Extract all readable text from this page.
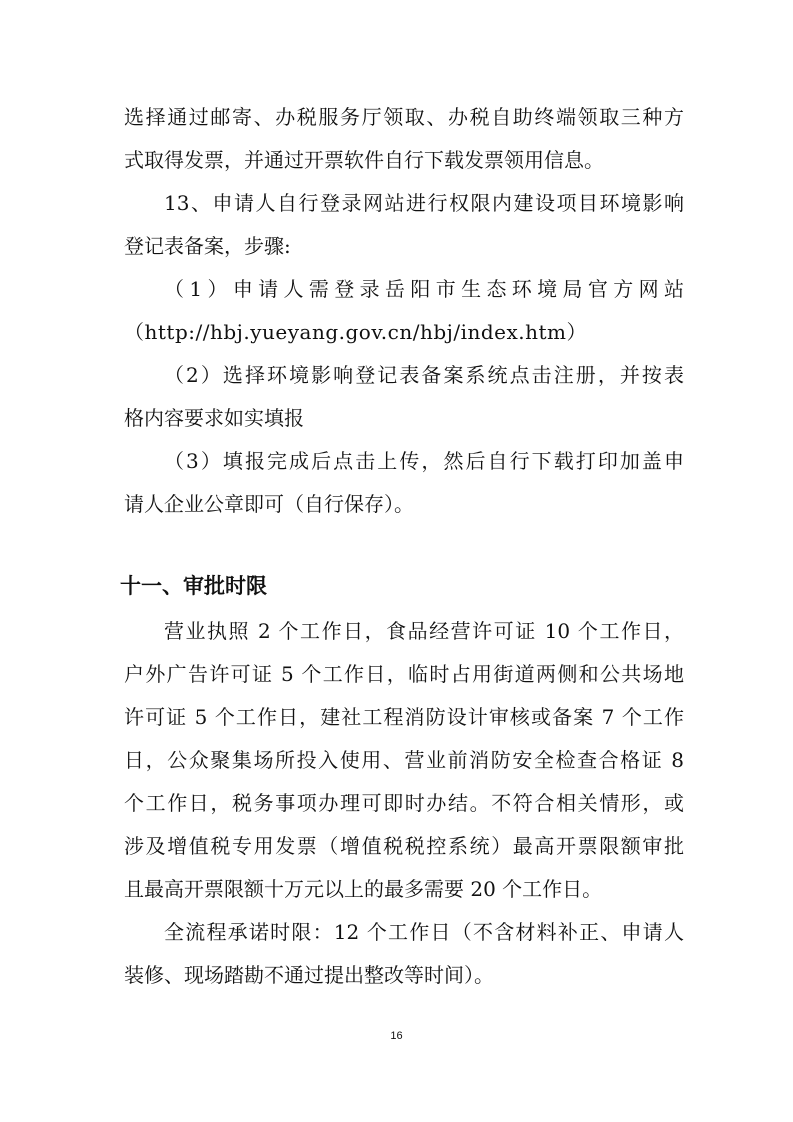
选择通过邮寄、办税服务厅领取、办税自助终端领取三种方
式取得发票，并通过开票软件自行下载发票领用信息。
13、申请人自行登录网站进行权限内建设项目环境影响
登记表备案，步骤:
（1）申请人需登录岳阳市生态环境局官方网站
（http://hbj.yueyang.gov.cn/hbj/index.htm）
（2）选择环境影响登记表备案系统点击注册，并按表
格内容要求如实填报
（3）填报完成后点击上传，然后自行下载打印加盖申
请人企业公章即可（自行保存）。
十一、审批时限
营业执照 2 个工作日，食品经营许可证 10 个工作日，
户外广告许可证 5 个工作日，临时占用街道两侧和公共场地
许可证 5 个工作日，建社工程消防设计审核或备案 7 个工作
日，公众聚集场所投入使用、营业前消防安全检查合格证 8
个工作日，税务事项办理可即时办结。不符合相关情形，或
涉及增值税专用发票（增值税税控系统）最高开票限额审批
且最高开票限额十万元以上的最多需要 20 个工作日。
全流程承诺时限：12 个工作日（不含材料补正、申请人
装修、现场踏勘不通过提出整改等时间）。
16
